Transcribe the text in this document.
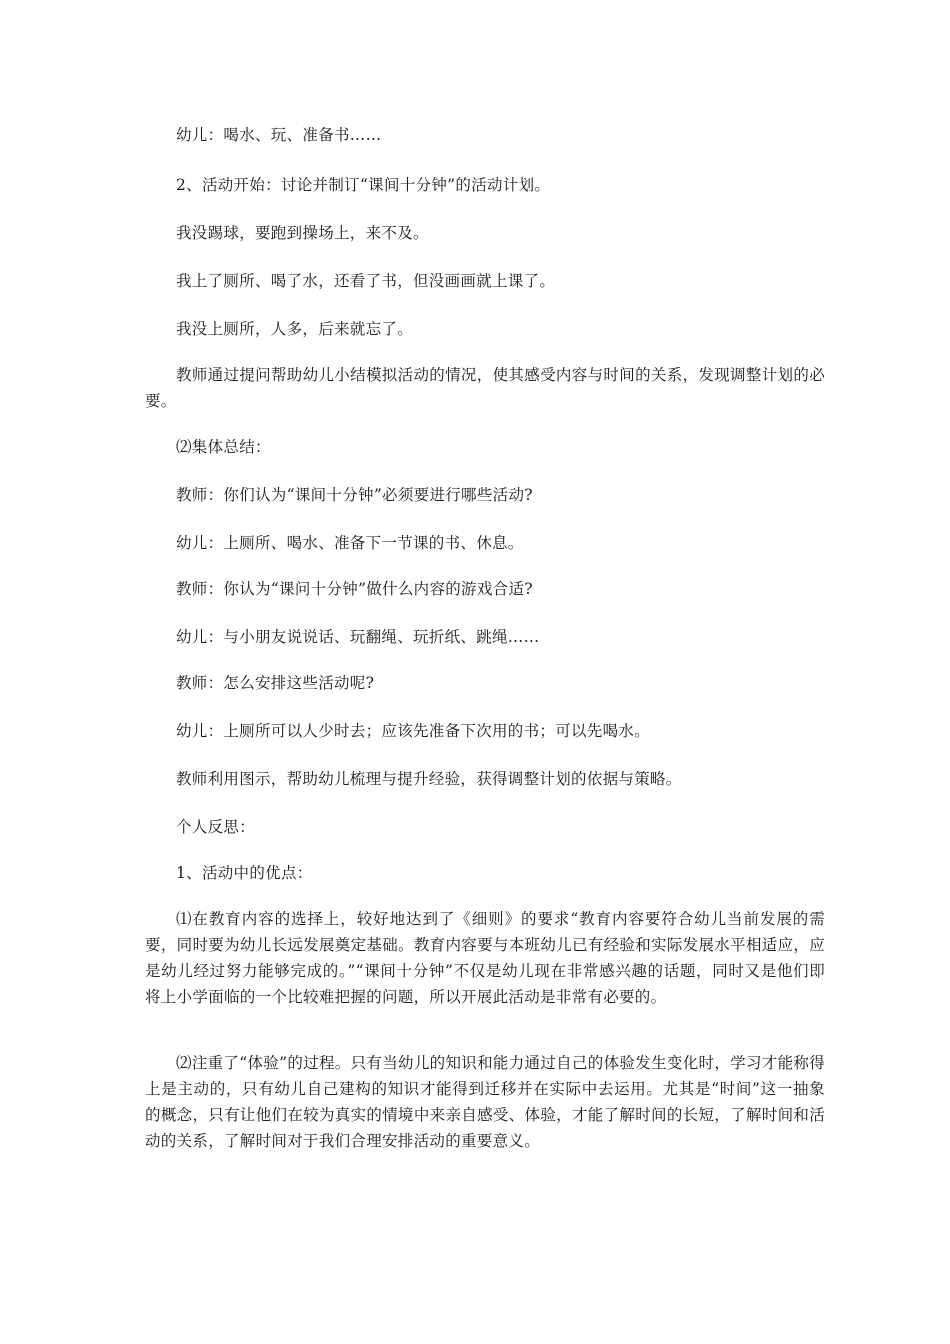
幼儿：喝水、玩、准备书……

2、活动开始：讨论并制订“课间十分钟”的活动计划。

我没踢球，要跑到操场上，来不及。

我上了厕所、喝了水，还看了书，但没画画就上课了。

我没上厕所，人多，后来就忘了。

教师通过提问帮助幼儿小结模拟活动的情况，使其感受内容与时间的关系，发现调整计划的必要。

⑵集体总结：

教师：你们认为“课间十分钟”必须要进行哪些活动?

幼儿：上厕所、喝水、准备下一节课的书、休息。

教师：你认为“课问十分钟”做什么内容的游戏合适?

幼儿：与小朋友说说话、玩翻绳、玩折纸、跳绳……

教师：怎么安排这些活动呢?

幼儿：上厕所可以人少时去；应该先准备下次用的书；可以先喝水。

教师利用图示，帮助幼儿梳理与提升经验，获得调整计划的依据与策略。

个人反思：

1、活动中的优点：

⑴在教育内容的选择上，较好地达到了《细则》的要求“教育内容要符合幼儿当前发展的需要，同时要为幼儿长远发展奠定基础。教育内容要与本班幼儿已有经验和实际发展水平相适应，应是幼儿经过努力能够完成的。”“课间十分钟”不仅是幼儿现在非常感兴趣的话题，同时又是他们即将上小学面临的一个比较难把握的问题，所以开展此活动是非常有必要的。

⑵注重了“体验”的过程。只有当幼儿的知识和能力通过自己的体验发生变化时，学习才能称得上是主动的，只有幼儿自己建构的知识才能得到迁移并在实际中去运用。尤其是“时间”这一抽象的概念，只有让他们在较为真实的情境中来亲自感受、体验，才能了解时间的长短，了解时间和活动的关系，了解时间对于我们合理安排活动的重要意义。
